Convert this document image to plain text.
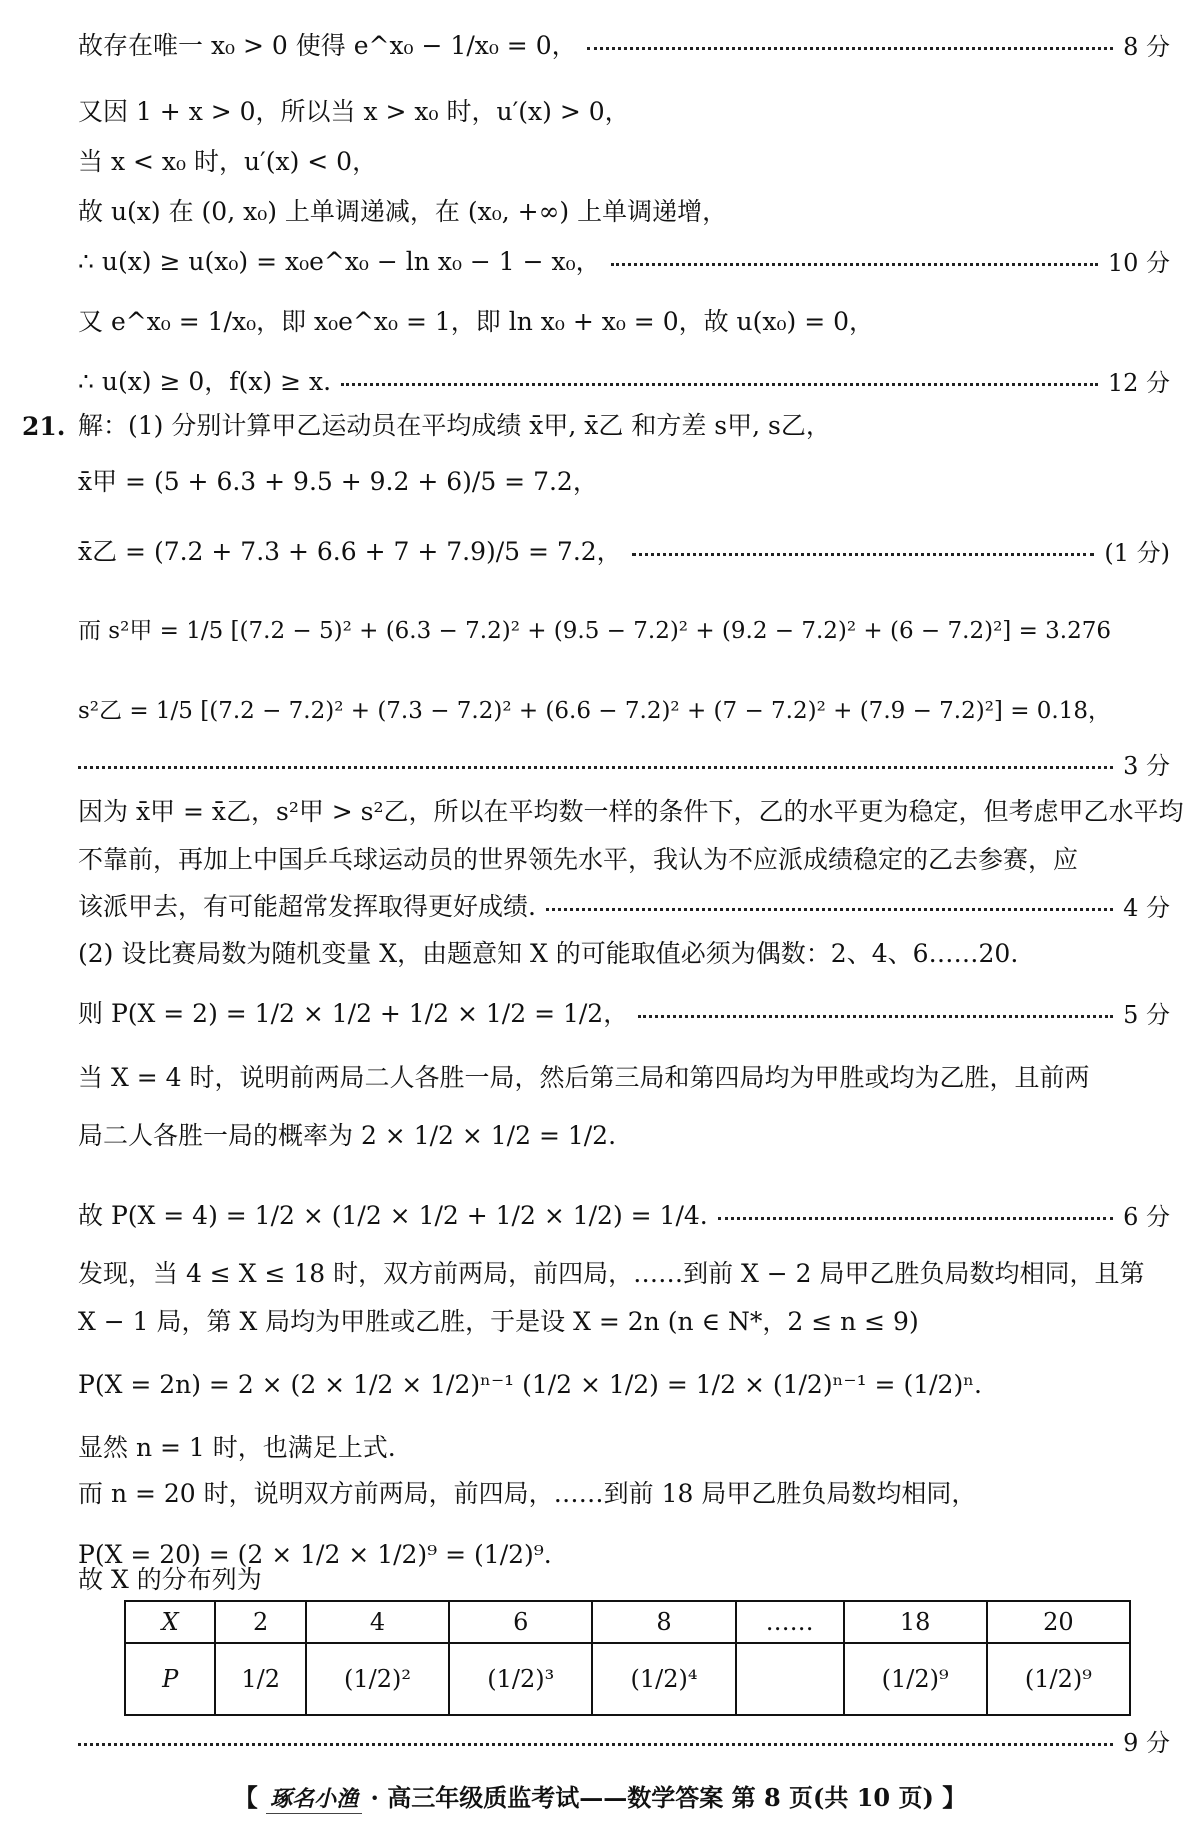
故存在唯一 x₀ > 0 使得 e^x₀ − 1/x₀ = 0，	8 分
又因 1 + x > 0，所以当 x > x₀ 时，u′(x) > 0，
当 x < x₀ 时，u′(x) < 0，
故 u(x) 在 (0, x₀) 上单调递减，在 (x₀, +∞) 上单调递增，
∴ u(x) ≥ u(x₀) = x₀e^x₀ − ln x₀ − 1 − x₀，	10 分
又 e^x₀ = 1/x₀，即 x₀e^x₀ = 1，即 ln x₀ + x₀ = 0，故 u(x₀) = 0，
∴ u(x) ≥ 0，f(x) ≥ x.	12 分
21. 解：(1) 分别计算甲乙运动员在平均成绩 x̄甲, x̄乙 和方差 s甲, s乙，
x̄甲 = (5 + 6.3 + 9.5 + 9.2 + 6)/5 = 7.2，
x̄乙 = (7.2 + 7.3 + 6.6 + 7 + 7.9)/5 = 7.2，	(1 分)
而 s²甲 = 1/5 [(7.2 − 5)² + (6.3 − 7.2)² + (9.5 − 7.2)² + (9.2 − 7.2)² + (6 − 7.2)²] = 3.276
s²乙 = 1/5 [(7.2 − 7.2)² + (7.3 − 7.2)² + (6.6 − 7.2)² + (7 − 7.2)² + (7.9 − 7.2)²] = 0.18，
3 分
因为 x̄甲 = x̄乙，s²甲 > s²乙，所以在平均数一样的条件下，乙的水平更为稳定，但考虑甲乙水平均
不靠前，再加上中国乒乓球运动员的世界领先水平，我认为不应派成绩稳定的乙去参赛，应
该派甲去，有可能超常发挥取得更好成绩.	4 分
(2) 设比赛局数为随机变量 X，由题意知 X 的可能取值必须为偶数：2、4、6……20.
则 P(X = 2) = 1/2 × 1/2 + 1/2 × 1/2 = 1/2，	5 分
当 X = 4 时，说明前两局二人各胜一局，然后第三局和第四局均为甲胜或均为乙胜，且前两
局二人各胜一局的概率为 2 × 1/2 × 1/2 = 1/2.
故 P(X = 4) = 1/2 × (1/2 × 1/2 + 1/2 × 1/2) = 1/4.	6 分
发现，当 4 ≤ X ≤ 18 时，双方前两局，前四局，……到前 X − 2 局甲乙胜负局数均相同，且第
X − 1 局，第 X 局均为甲胜或乙胜，于是设 X = 2n (n ∈ N*，2 ≤ n ≤ 9)
P(X = 2n) = 2 × (2 × 1/2 × 1/2)ⁿ⁻¹ (1/2 × 1/2) = 1/2 × (1/2)ⁿ⁻¹ = (1/2)ⁿ.
显然 n = 1 时，也满足上式.
而 n = 20 时，说明双方前两局，前四局，……到前 18 局甲乙胜负局数均相同，
P(X = 20) = (2 × 1/2 × 1/2)⁹ = (1/2)⁹.
故 X 的分布列为
X	2	4	6	8	……	18	20
P	1/2	(1/2)²	(1/2)³	(1/2)⁴		(1/2)⁹	(1/2)⁹
9 分
【 琢名小渔 · 高三年级质监考试——数学答案 第 8 页(共 10 页) 】
